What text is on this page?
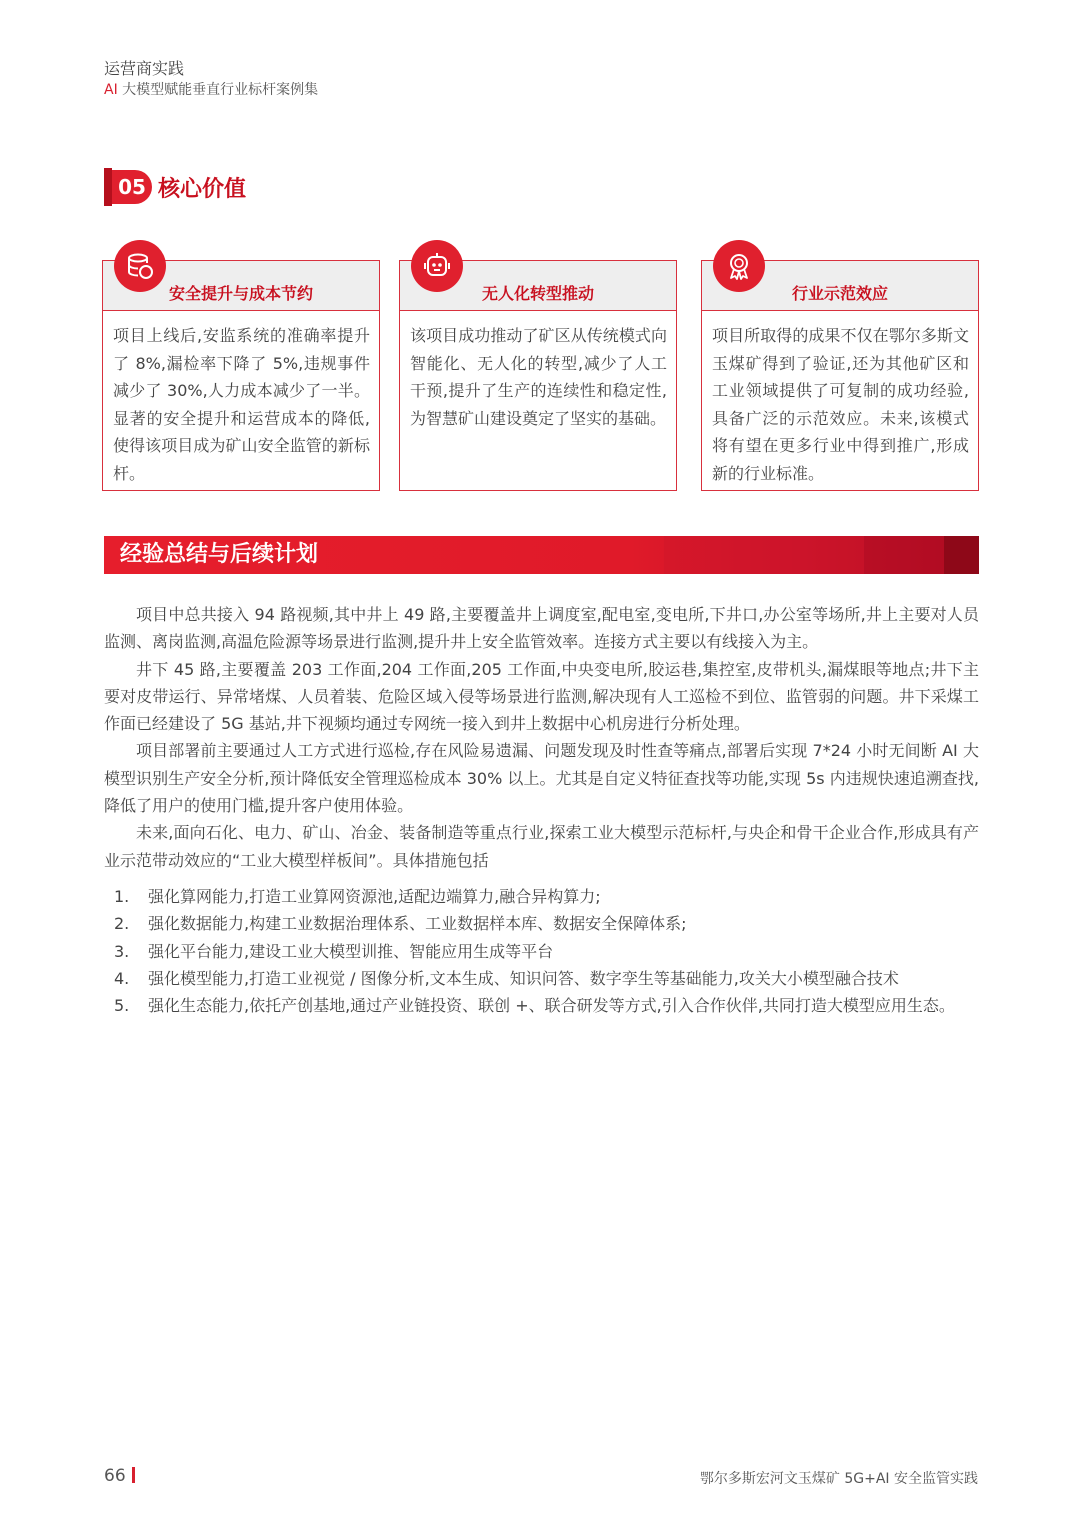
运营商实践
AI 大模型赋能垂直行业标杆案例集
05 核心价值
安全提升与成本节约
项目上线后,安监系统的准确率提升了 8%,漏检率下降了 5%,违规事件减少了 30%,人力成本减少了一半。显著的安全提升和运营成本的降低,使得该项目成为矿山安全监管的新标杆。
无人化转型推动
该项目成功推动了矿区从传统模式向智能化、无人化的转型,减少了人工干预,提升了生产的连续性和稳定性,为智慧矿山建设奠定了坚实的基础。
行业示范效应
项目所取得的成果不仅在鄂尔多斯文玉煤矿得到了验证,还为其他矿区和工业领域提供了可复制的成功经验,具备广泛的示范效应。未来,该模式将有望在更多行业中得到推广,形成新的行业标准。
经验总结与后续计划

项目中总共接入 94 路视频,其中井上 49 路,主要覆盖井上调度室,配电室,变电所,下井口,办公室等场所,井上主要对人员监测、离岗监测,高温危险源等场景进行监测,提升井上安全监管效率。连接方式主要以有线接入为主。

井下 45 路,主要覆盖 203 工作面,204 工作面,205 工作面,中央变电所,胶运巷,集控室,皮带机头,漏煤眼等地点;井下主要对皮带运行、异常堵煤、人员着装、危险区域入侵等场景进行监测,解决现有人工巡检不到位、监管弱的问题。井下采煤工作面已经建设了 5G 基站,井下视频均通过专网统一接入到井上数据中心机房进行分析处理。

项目部署前主要通过人工方式进行巡检,存在风险易遗漏、问题发现及时性查等痛点,部署后实现 7*24 小时无间断 AI 大模型识别生产安全分析,预计降低安全管理巡检成本 30% 以上。尤其是自定义特征查找等功能,实现 5s 内违规快速追溯查找,降低了用户的使用门槛,提升客户使用体验。

未来,面向石化、电力、矿山、冶金、装备制造等重点行业,探索工业大模型示范标杆,与央企和骨干企业合作,形成具有产业示范带动效应的“工业大模型样板间”。具体措施包括

1.	强化算网能力,打造工业算网资源池,适配边端算力,融合异构算力;
2.	强化数据能力,构建工业数据治理体系、工业数据样本库、数据安全保障体系;
3.	强化平台能力,建设工业大模型训推、智能应用生成等平台
4.	强化模型能力,打造工业视觉 / 图像分析,文本生成、知识问答、数字孪生等基础能力,攻关大小模型融合技术
5.	强化生态能力,依托产创基地,通过产业链投资、联创 +、联合研发等方式,引入合作伙伴,共同打造大模型应用生态。
66	鄂尔多斯宏河文玉煤矿 5G+AI 安全监管实践
